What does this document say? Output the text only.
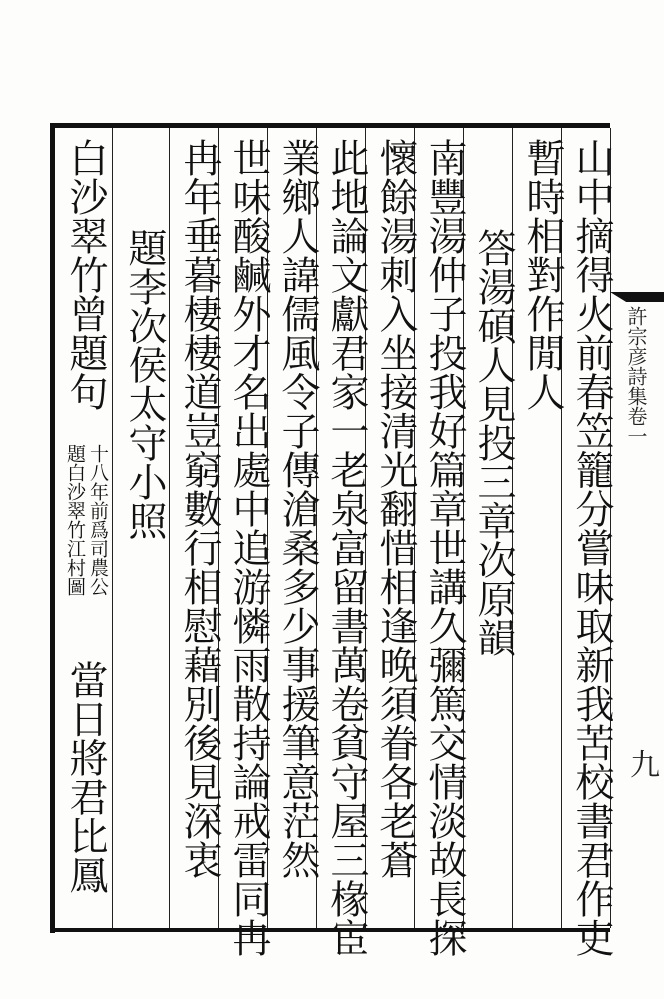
山中摘得火前春笠籠分嘗味取新我苦校書君作吏
暫時相對作閒人
答湯碩人見投三章次原韻
南豐湯仲子投我好篇章世講久彌篤交情淡故長探
懷餘湯刺入坐接清光翻惜相逢晚須眷各老蒼
此地論文獻君家一老泉富留書萬卷貧守屋三椽宦
業鄉人諱儒風令子傳滄桑多少事援筆意茫然
世味酸鹹外才名出處中追游憐雨散持論戒雷同冉
冉年垂暮棲棲道豈窮數行相慰藉別後見深衷
題李次侯太守小照
白沙翠竹曾題句
十八年前爲司農公
題白沙翠竹江村圖
當日將君比鳳
許宗彦詩集卷一
九
